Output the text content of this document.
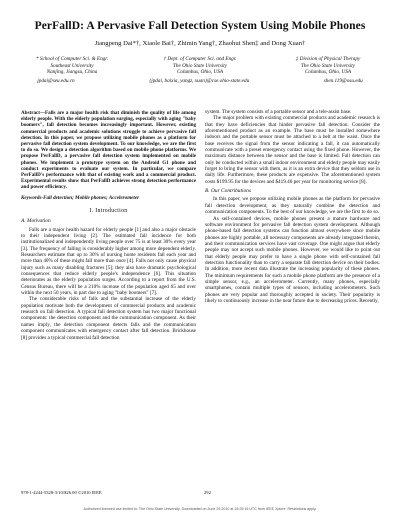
PerFallD: A Pervasive Fall Detection System Using Mobile Phones
Jiangpeng Dai*†, Xiaole Bai†, Zhimin Yang†, Zhaohui Shen‡ and Dong Xuan†
* School of Computer Sci. & Engr.
Southeast University
Nanjing, Jiangsu, China
† Dept. of Computer Sci. and Engr.
The Ohio State University
Columbus, Ohio, USA
‡ Division of Physical Therapy
The Ohio State University
Columbus, Ohio, USA
jpdai@seu.edu.cn	{jpdai, baixia, yangz, xuan}@cse.ohio-state.edu	shen.119@osu.edu
Abstract—Falls are a major health risk that diminish the quality of life among elderly people. With the elderly population surging, especially with aging "baby boomers", fall detection becomes increasingly important. However, existing commercial products and academic solutions struggle to achieve pervasive fall detection. In this paper, we propose utilizing mobile phones as a platform for pervasive fall detection system development. To our knowledge, we are the first to do so. We design a detection algorithm based on mobile phone platforms. We propose PerFallD, a pervasive fall detection system implemented on mobile phones. We implement a prototype system on the Android G1 phone and conduct experiments to evaluate our system. In particular, we compare PerFallD's performance with that of existing work and a commercial product. Experimental results show that PerFallD achieves strong detection performance and power efficiency.
Keywords-Fall detection; Mobile phones; Accelerometer
I. Introduction
A. Motivation

Falls are a major health hazard for elderly people [1] and also a major obstacle to their independent living [2]. The estimated fall incidence for both institutionalized and independently living people over 75 is at least 30% every year [3]. The frequency of falling is considerably higher among more dependent elderly. Researchers estimate that up to 30% of nursing home residents fall each year and more than 40% of these might fall more than once [4]. Falls not only cause physical injury such as many disabling fractures [5]; they also have dramatic psychological consequences that reduce elderly people's independence [6]. This situation deteriorates as the elderly population surges. According to a report from the U.S. Census Bureau, there will be a 210% increase of the population aged 65 and over within the next 50 years, in part due to aging "baby boomers" [7].

The considerable risks of falls and the substantial increase of the elderly population motivate both the development of commercial products and academic research on fall detection. A typical fall detection system has two major functional components: the detection component and the communication component. As their names imply, the detection component detects falls and the communication component communicates with emergency contact after fall detection. Brickhouse [8] provides a typical commercial fall detection

system. The system consists of a portable sensor and a tele-assist base.

The major problem with existing commercial products and academic research is that they have deficiencies that hinder pervasive fall detection. Consider the aforementioned product as an example. The base must be installed somewhere indoors and the portable sensor must be attached to a belt at the waist. Once the base receives the signal from the sensor indicating a fall, it can automatically communicate with a preset emergency contact using the fixed phone. However, the maximum distance between the sensor and the base is limited. Fall detection can only be conducted within a small indoor environment and elderly people may easily forget to bring the sensor with them, as it is an extra device that they seldom use in daily life. Furthermore, these products are expensive. The aforementioned system costs $199.95 for the devices and $419.40 per year for monitoring service [8].

B. Our Contributions

In this paper, we propose utilizing mobile phones as the platform for pervasive fall detection development, as they naturally combine the detection and communication components. To the best of our knowledge, we are the first to do so.

As self-contained devices, mobile phones present a mature hardware and software environment for pervasive fall detection system development. Although phone-based fall detection systems can function almost everywhere since mobile phones are highly portable, all necessary components are already integrated therein, and their communication services have vast coverage. One might argue that elderly people may not accept such mobile phones. However, we would like to point out that elderly people may prefer to have a single phone with self-contained fall detection functionality than to carry a separate fall detection device on their bodies. In addition, more recent data illustrate the increasing popularity of these phones. The minimum requirements for such a mobile phone platform are the presence of a simple sensor, e.g., an accelerometer. Currently, many phones, especially smartphones, contain multiple types of sensors, including accelerometers. Such phones are very popular and thoroughly accepted in society. Their popularity is likely to continuously increase in the near future due to decreasing prices. Recently,

978-1-4244-5328-3/10/$26.00 ©2010 IEEE	292
Authorized licensed use limited to: The Ohio State University. Downloaded on June 29,2010 at 15:25:16 UTC from IEEE Xplore. Restrictions apply.
